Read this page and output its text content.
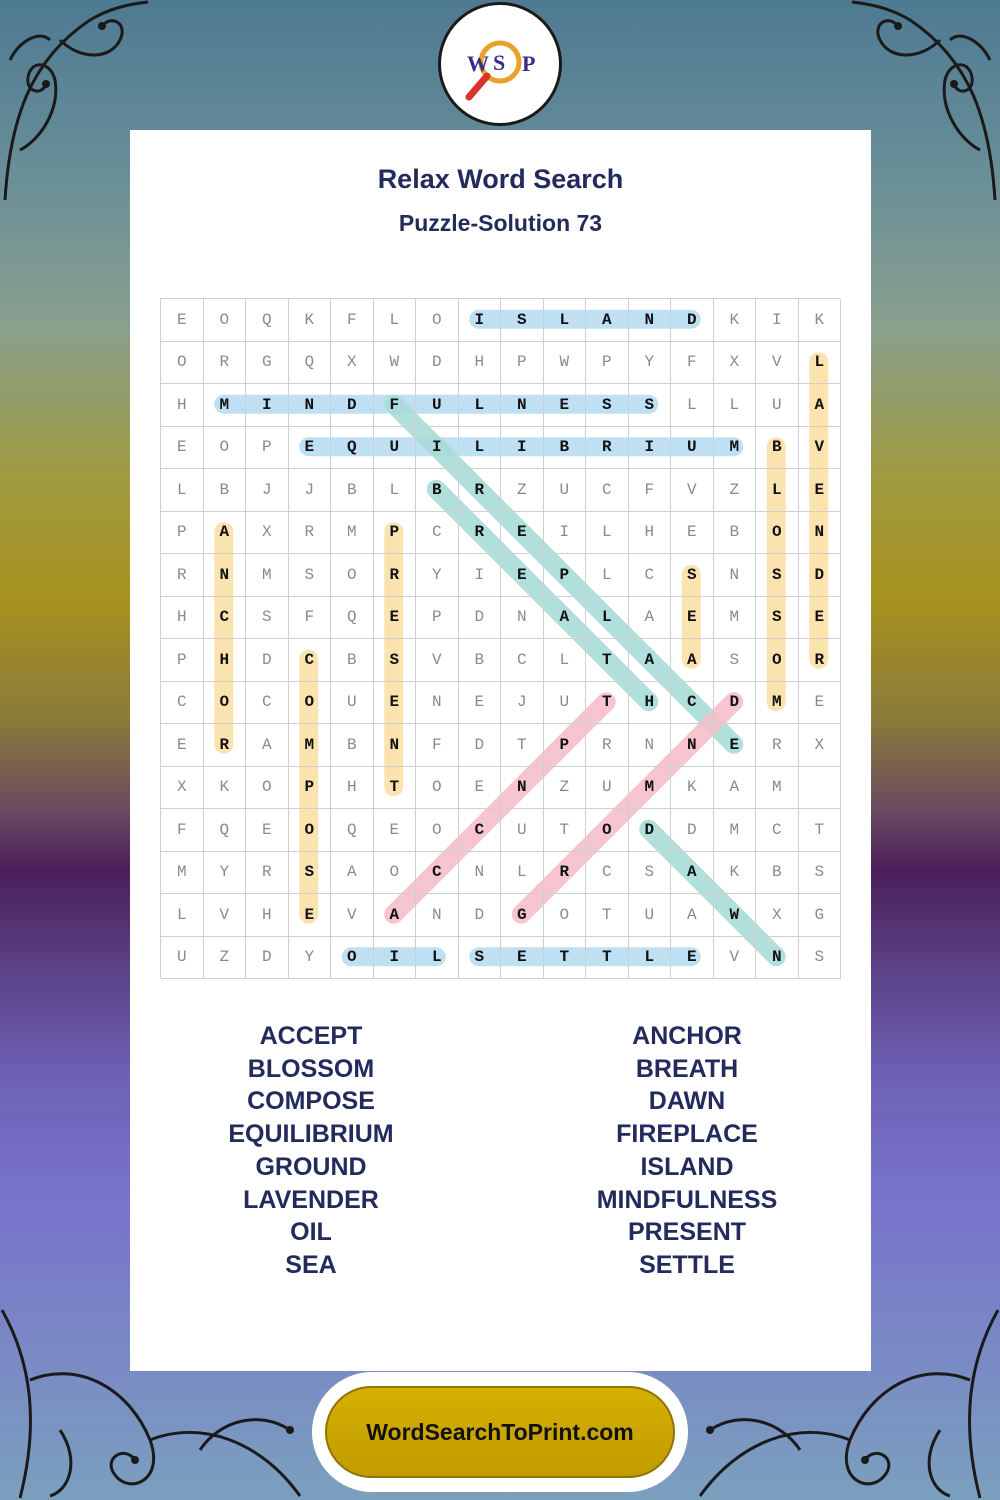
W S P
Relax Word Search
Puzzle-Solution 73
E	O	Q	K	F	L	O	I	S	L	A	N	D	K	I	K
O	R	G	Q	X	W	D	H	P	W	P	Y	F	X	V	L
H	M	I	N	D	F	U	L	N	E	S	S	L	L	U	A
E	O	P	E	Q	U	I	L	I	B	R	I	U	M	B	V
L	B	J	J	B	L	B	R	Z	U	C	F	V	Z	L	E
P	A	X	R	M	P	C	R	E	I	L	H	E	B	O	N
R	N	M	S	O	R	Y	I	E	P	L	C	S	N	S	D
H	C	S	F	Q	E	P	D	N	A	L	A	E	M	S	E
P	H	D	C	B	S	V	B	C	L	T	A	A	S	O	R
C	O	C	O	U	E	N	E	J	U	T	H	C	D	M	E
E	R	A	M	B	N	F	D	T	P	R	N	N	E	R	X
X	K	O	P	H	T	O	E	N	Z	U	M	K	A	M
F	Q	E	O	Q	E	O	C	U	T	O	D	D	M	C	T
M	Y	R	S	A	O	C	N	L	R	C	S	A	K	B	S
L	V	H	E	V	A	N	D	G	O	T	U	A	W	X	G
U	Z	D	Y	O	I	L	S	E	T	T	L	E	V	N	S
ACCEPT
BLOSSOM
COMPOSE
EQUILIBRIUM
GROUND
LAVENDER
OIL
SEA
ANCHOR
BREATH
DAWN
FIREPLACE
ISLAND
MINDFULNESS
PRESENT
SETTLE
WordSearchToPrint.com
